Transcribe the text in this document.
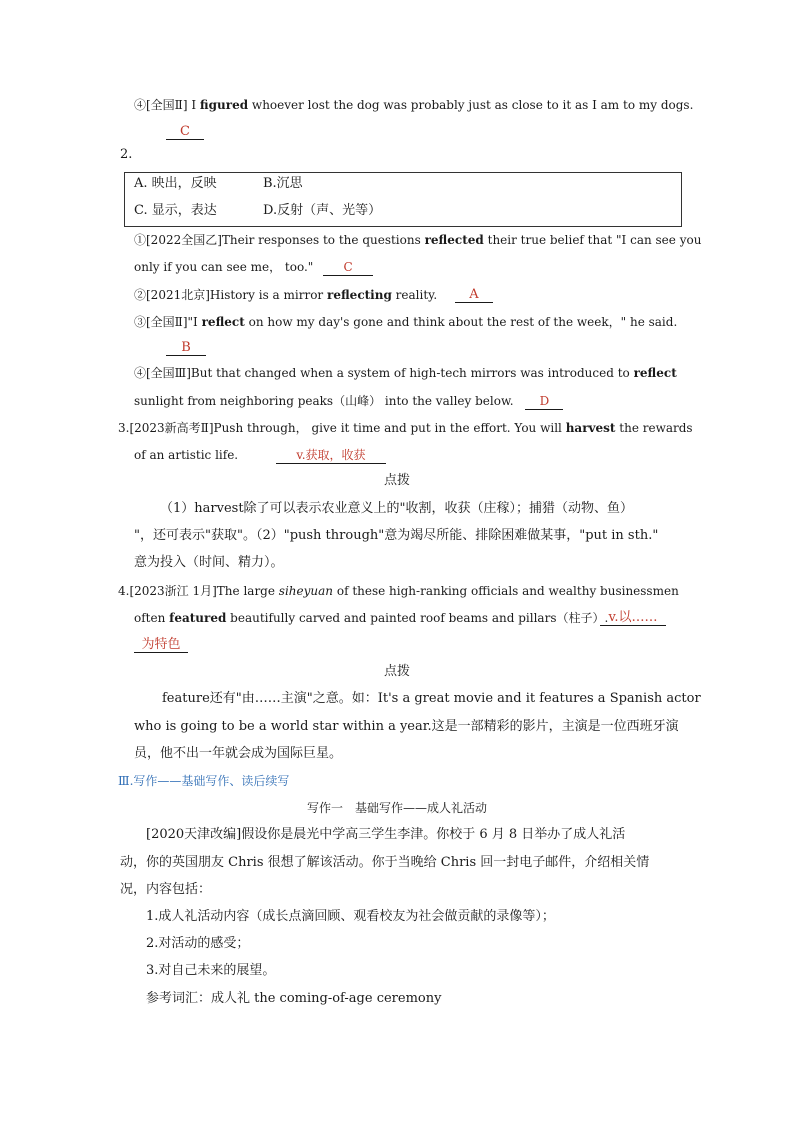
④[全国Ⅱ] I figured whoever lost the dog was probably just as close to it as I am to my dogs.
C
2.
A. 映出，反映	B.沉思
C. 显示，表达	D.反射（声、光等）
①[2022全国乙]Their responses to the questions reflected their true belief that "I can see you
only if you can see me， too."	C
②[2021北京]History is a mirror reflecting reality.	A
③[全国Ⅱ]"I reflect on how my day's gone and think about the rest of the week，" he said.
B
④[全国Ⅲ]But that changed when a system of high-tech mirrors was introduced to reflect
sunlight from neighboring peaks（山峰） into the valley below. D
3.[2023新高考Ⅱ]Push through， give it time and put in the effort. You will harvest the rewards
of an artistic life.	v.获取，收获
点拨
（1）harvest除了可以表示农业意义上的"收割，收获（庄稼）；捕猎（动物、鱼）
"，还可表示"获取"。（2）"push through"意为竭尽所能、排除困难做某事，"put in sth."
意为投入（时间、精力）。
4.[2023浙江 1月]The large siheyuan of these high-ranking officials and wealthy businessmen
often featured beautifully carved and painted roof beams and pillars（柱子）. v.以……
为特色
点拨
feature还有"由……主演"之意。如：It's a great movie and it features a Spanish actor
who is going to be a world star within a year.这是一部精彩的影片，主演是一位西班牙演
员，他不出一年就会成为国际巨星。
Ⅲ.写作——基础写作、读后续写
写作一　基础写作——成人礼活动
[2020天津改编]假设你是晨光中学高三学生李津。你校于 6 月 8 日举办了成人礼活
动，你的英国朋友 Chris 很想了解该活动。你于当晚给 Chris 回一封电子邮件，介绍相关情
况，内容包括：
1.成人礼活动内容（成长点滴回顾、观看校友为社会做贡献的录像等）；
2.对活动的感受；
3.对自己未来的展望。
参考词汇：成人礼 the coming-of-age ceremony
